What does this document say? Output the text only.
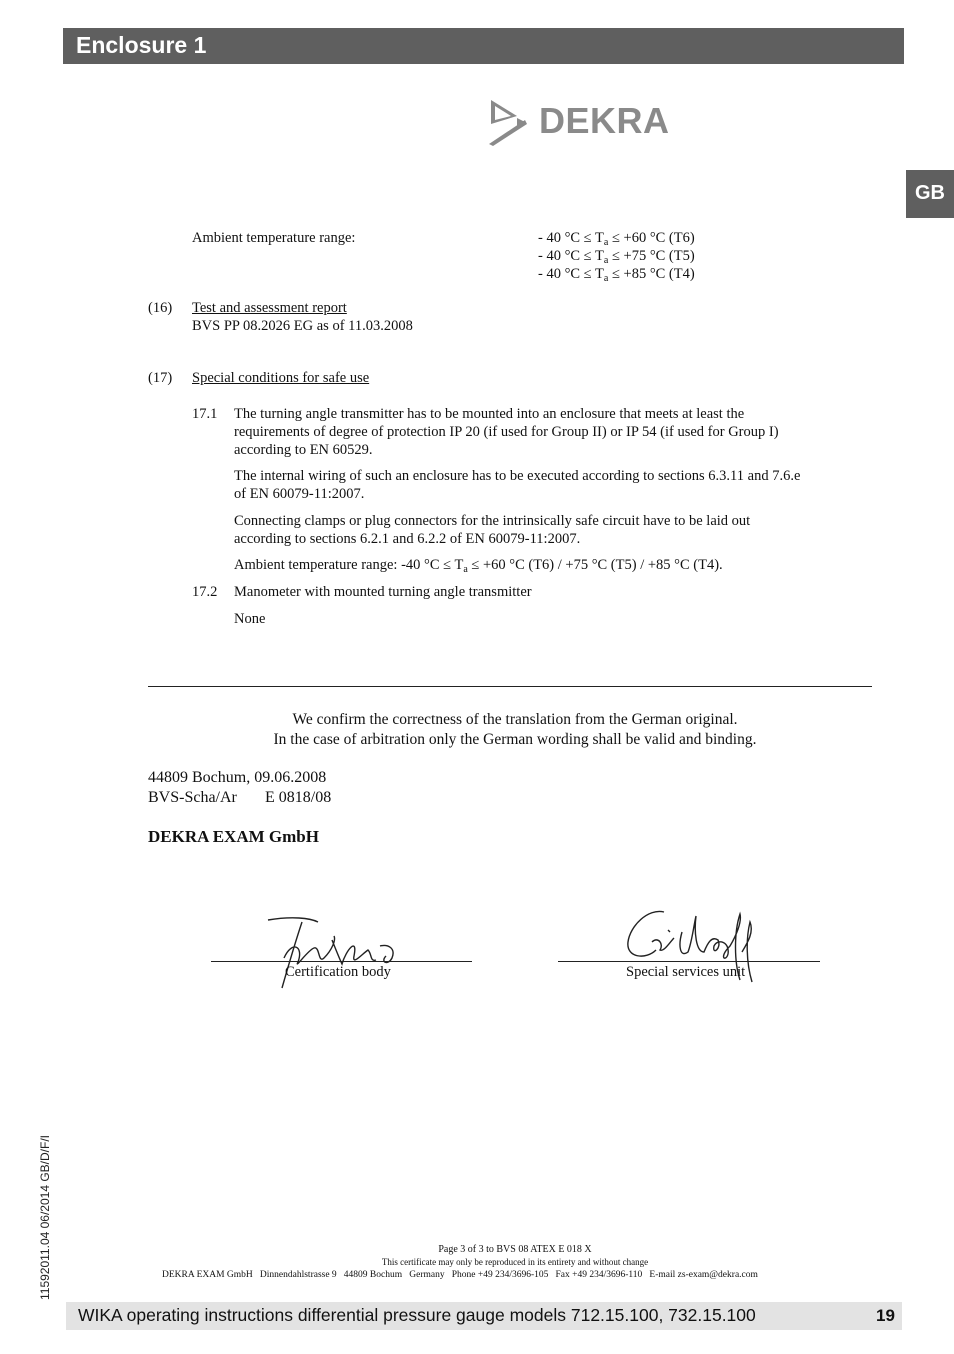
Enclosure 1
GB
DEKRA
Ambient temperature range:	- 40 $^\circ C \le T_a \le +60$ °C (T6)
- 40 $^\circ C \le T_a \le +75$ °C (T5)
- 40 $^\circ C \le T_a \le +85$ °C (T4)
(16) Test and assessment report
BVS PP 08.2026 EG as of 11.03.2008
(17) Special conditions for safe use
17.1 The turning angle transmitter has to be mounted into an enclosure that meets at least the
requirements of degree of protection IP 20 (if used for Group II) or IP 54 (if used for Group I)
according to EN 60529.
The internal wiring of such an enclosure has to be executed according to sections 6.3.11 and 7.6.e
of EN 60079-11:2007.
Connecting clamps or plug connectors for the intrinsically safe circuit have to be laid out
according to sections 6.2.1 and 6.2.2 of EN 60079-11:2007.
Ambient temperature range: -40 $^\circ C \le T_a \le +60$ °C (T6) / +75 °C (T5) / +85 °C (T4).
17.2 Manometer with mounted turning angle transmitter
None
We confirm the correctness of the translation from the German original.
In the case of arbitration only the German wording shall be valid and binding.
44809 Bochum, 09.06.2008
BVS-Scha/Ar E 0818/08
DEKRA EXAM GmbH
Certification body	Special services unit
Page 3 of 3 to BVS 08 ATEX E 018 X
This certificate may only be reproduced in its entirety and without change
DEKRA EXAM GmbH   Dinnendahlstrasse 9   44809 Bochum   Germany   Phone +49 234/3696-105   Fax +49 234/3696-110   E-mail zs-exam@dekra.com
11592011.04 06/2014 GB/D/F/I
WIKA operating instructions differential pressure gauge models 712.15.100, 732.15.100	19
